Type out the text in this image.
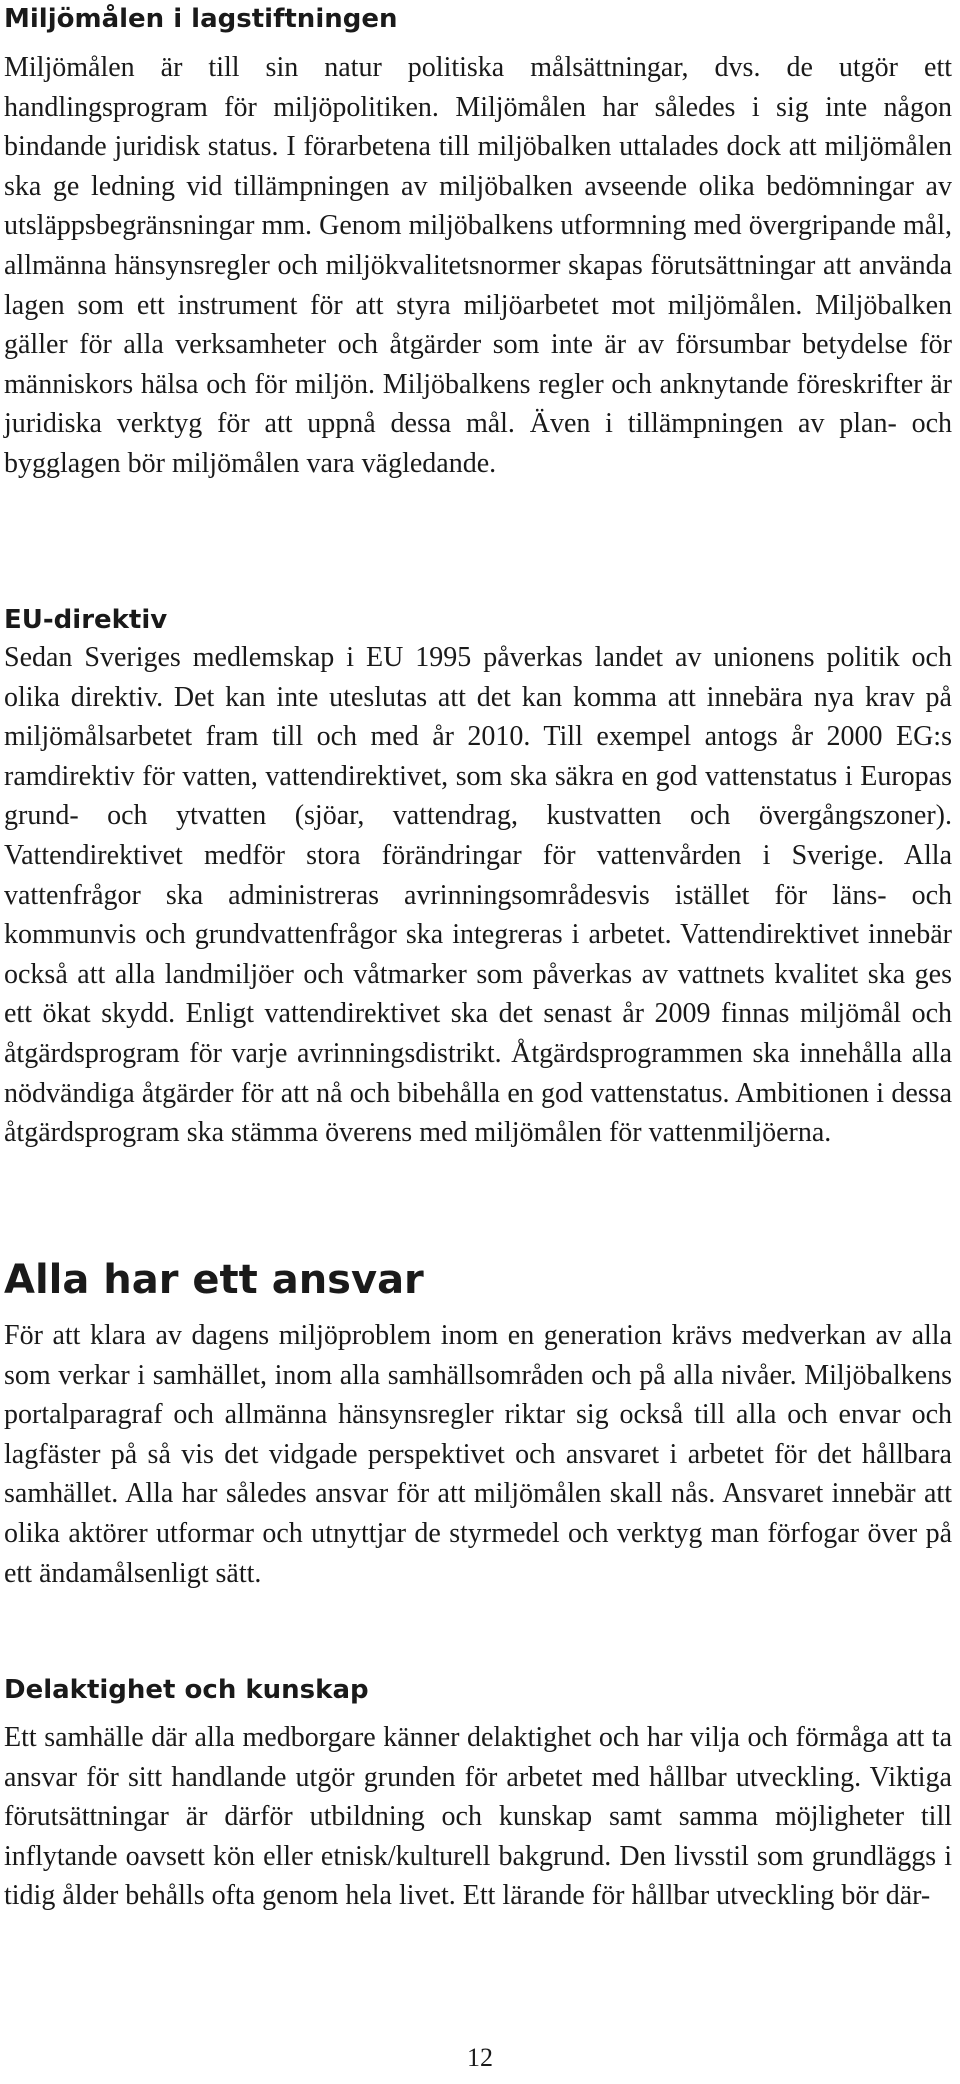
Miljömålen i lagstiftningen

Miljömålen är till sin natur politiska målsättningar, dvs. de utgör ett handlingsprogram för miljöpolitiken. Miljömålen har således i sig inte någon bindande juridisk status. I förarbetena till miljöbalken uttalades dock att miljömålen ska ge ledning vid tillämpningen av miljöbalken avseende olika bedömningar av utsläppsbegränsningar mm. Genom miljöbalkens utformning med övergripande mål, allmänna hänsynsregler och miljökvalitetsnormer skapas förutsättningar att använda lagen som ett instrument för att styra miljöarbetet mot miljömålen. Miljöbalken gäller för alla verksamheter och åtgärder som inte är av försumbar betydelse för människors hälsa och för miljön. Miljöbalkens regler och anknytande föreskrifter är juridiska verktyg för att uppnå dessa mål. Även i tillämpningen av plan- och bygglagen bör miljömålen vara vägledande.

EU-direktiv

Sedan Sveriges medlemskap i EU 1995 påverkas landet av unionens politik och olika direktiv. Det kan inte uteslutas att det kan komma att innebära nya krav på miljömålsarbetet fram till och med år 2010. Till exempel antogs år 2000 EG:s ramdirektiv för vatten, vattendirektivet, som ska säkra en god vattenstatus i Europas grund- och ytvatten (sjöar, vattendrag, kustvatten och övergångszoner). Vattendirektivet medför stora förändringar för vattenvården i Sverige. Alla vattenfrågor ska administreras avrinningsområdesvis istället för läns- och kommunvis och grundvattenfrågor ska integreras i arbetet. Vattendirektivet innebär också att alla landmiljöer och våtmarker som påverkas av vattnets kvalitet ska ges ett ökat skydd. Enligt vattendirektivet ska det senast år 2009 finnas miljömål och åtgärdsprogram för varje avrinningsdistrikt. Åtgärdsprogrammen ska innehålla alla nödvändiga åtgärder för att nå och bibehålla en god vattenstatus. Ambitionen i dessa åtgärdsprogram ska stämma överens med miljömålen för vattenmiljöerna.

Alla har ett ansvar

För att klara av dagens miljöproblem inom en generation krävs medverkan av alla som verkar i samhället, inom alla samhällsområden och på alla nivåer. Miljöbalkens portalparagraf och allmänna hänsynsregler riktar sig också till alla och envar och lagfäster på så vis det vidgade perspektivet och ansvaret i arbetet för det hållbara samhället. Alla har således ansvar för att miljömålen skall nås. Ansvaret innebär att olika aktörer utformar och utnyttjar de styrmedel och verktyg man förfogar över på ett ändamålsenligt sätt.

Delaktighet och kunskap

Ett samhälle där alla medborgare känner delaktighet och har vilja och förmåga att ta ansvar för sitt handlande utgör grunden för arbetet med hållbar utveckling. Viktiga förutsättningar är därför utbildning och kunskap samt samma möjligheter till inflytande oavsett kön eller etnisk/kulturell bakgrund. Den livsstil som grundläggs i tidig ålder behålls ofta genom hela livet. Ett lärande för hållbar utveckling bör där-

12
